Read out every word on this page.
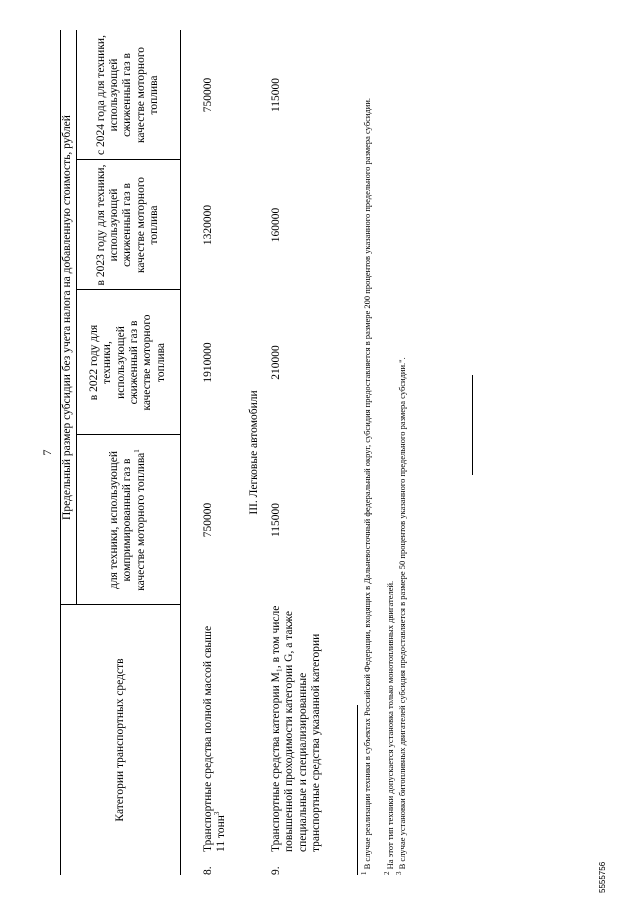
7
Категории транспортных средств
Предельный размер субсидии без учета налога на добавленную стоимость, рублей
для техники, использующей компримированный газ в качестве моторного топлива$^1$
в 2022 году для техники, использующей сжиженный газ в качестве моторного топлива
в 2023 году для техники, использующей сжиженный газ в качестве моторного топлива
с 2024 года для техники, использующей сжиженный газ в качестве моторного топлива
8.
Транспортные средства полной массой свыше 11 тонн$^3$
750000
1910000
1320000
750000
III. Легковые автомобили
9.
Транспортные средства категории M₁, в том числе повышенной проходимости категории G, а также специальные и специализированные транспортные средства указанной категории
115000
210000
160000
115000
$^1$ В случае реализации техники в субъектах Российской Федерации, входящих в Дальневосточный федеральный округ, субсидия предоставляется в размере 200 процентов указанного предельного размера субсидии.
$^2$ На этот тип техники допускается установка только монотопливных двигателей.
$^3$ В случае установки битопливных двигателей субсидия предоставляется в размере 50 процентов указанного предельного размера субсидии.".
5555756
